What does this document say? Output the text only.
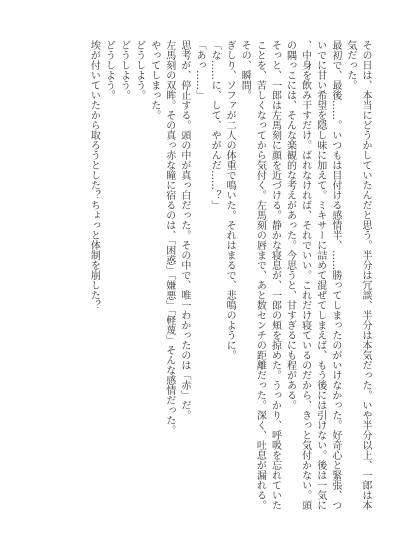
その日は、本当にどうかしていたんだと思う。半分は冗談、半分は本気だった。いや半分以上、一郎は本気だった。

最初で、最後……。いつもは目付ける感情半、……勝ってしまったのがいけなかった。好奇心と緊張、ついでに甘い希望を隠し味に加えて。ミキサーに詰めて混ぜてしまえば、もう後には引けない。後は一気に、中身を飲み干すだけ。ばれなければ、それでいい。これだけ寝ているのだから、きっと気付かない。頭の隅っこには、そんな楽観的な考えがあった。今思うと、甘すぎるにも程がある。

そっと、一郎は左馬刻に顔を近づける。静かな寝息が、一郎の頬を掠めた。うっかり、呼吸を忘れていたことを、苦しくなってから気付く。左馬刻の唇まで、あと数センチの距離だった。深く、吐息が漏れる。その、瞬間。

ぎしり、ソファが二人の体重で鳴いた。それはまるで、悲鳴のように。

「な……に、して、やがんだ……？」

「あっ……」

思考が、停止する。頭の中が真っ白だった。その中で、唯一わかったのは「赤」だ。

左馬刻の双眸。その真っ赤な瞳に宿るのは、「困惑」「嫌悪」「軽蔑」そんな感情だった。

やってしまった。

どうしよう。

どうしよう。

どうしよう。

埃が付いていたから取ろうとした？ちょっと体制を崩した？
